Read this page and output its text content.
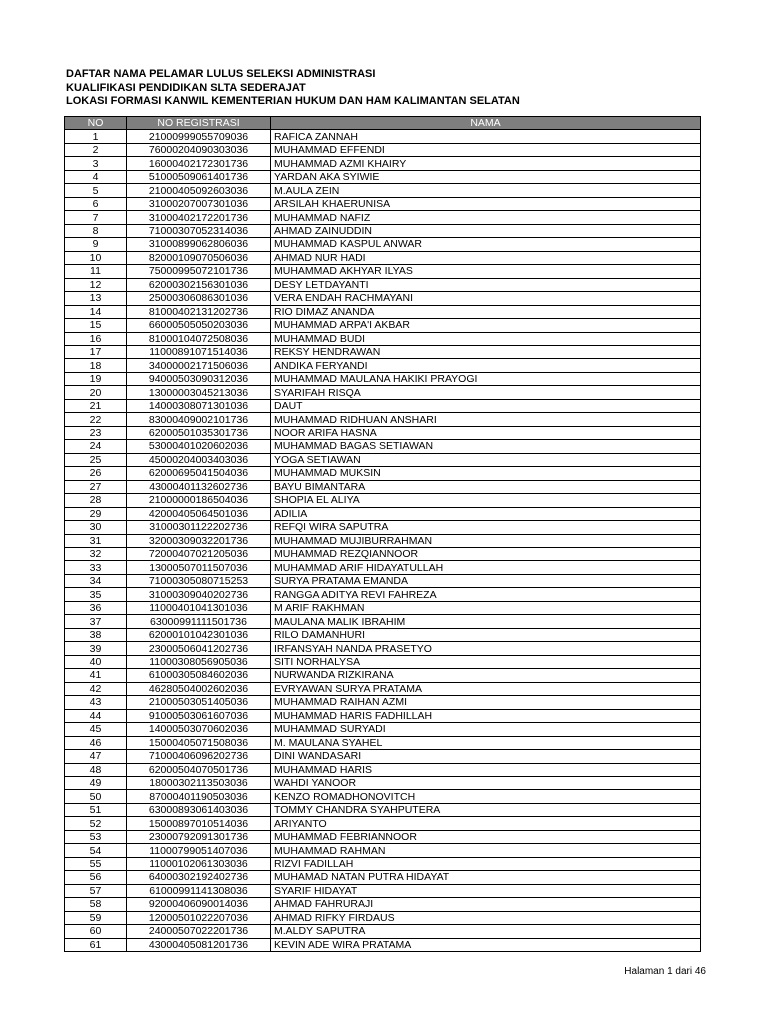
DAFTAR NAMA PELAMAR LULUS SELEKSI ADMINISTRASI
KUALIFIKASI PENDIDIKAN SLTA SEDERAJAT
LOKASI FORMASI KANWIL KEMENTERIAN HUKUM DAN HAM KALIMANTAN SELATAN
NO	NO REGISTRASI	NAMA
1	21000999055709036	RAFICA ZANNAH
2	76000204090303036	MUHAMMAD EFFENDI
3	16000402172301736	MUHAMMAD AZMI KHAIRY
4	51000509061401736	YARDAN AKA SYIWIE
5	21000405092603036	M.AULA ZEIN
6	31000207007301036	ARSILAH KHAERUNISA
7	31000402172201736	MUHAMMAD NAFIZ
8	71000307052314036	AHMAD ZAINUDDIN
9	31000899062806036	MUHAMMAD KASPUL ANWAR
10	82000109070506036	AHMAD NUR HADI
11	75000995072101736	MUHAMMAD AKHYAR ILYAS
12	62000302156301036	DESY LETDAYANTI
13	25000306086301036	VERA ENDAH RACHMAYANI
14	81000402131202736	RIO DIMAZ ANANDA
15	66000505050203036	MUHAMMAD ARPA'I AKBAR
16	81000104072508036	MUHAMMAD BUDI
17	11000891071514036	REKSY HENDRAWAN
18	34000002171506036	ANDIKA FERYANDI
19	94000503090312036	MUHAMMAD MAULANA HAKIKI PRAYOGI
20	13000003045213036	SYARIFAH RISQA
21	14000308071301036	DAUT
22	83000409002101736	MUHAMMAD RIDHUAN ANSHARI
23	62000501035301736	NOOR ARIFA HASNA
24	53000401020602036	MUHAMMAD BAGAS SETIAWAN
25	45000204003403036	YOGA SETIAWAN
26	62000695041504036	MUHAMMAD MUKSIN
27	43000401132602736	BAYU BIMANTARA
28	21000000186504036	SHOPIA EL ALIYA
29	42000405064501036	ADILIA
30	31000301122202736	REFQI WIRA SAPUTRA
31	32000309032201736	MUHAMMAD MUJIBURRAHMAN
32	72000407021205036	MUHAMMAD REZQIANNOOR
33	13000507011507036	MUHAMMAD ARIF HIDAYATULLAH
34	71000305080715253	SURYA PRATAMA EMANDA
35	31000309040202736	RANGGA ADITYA REVI FAHREZA
36	11000401041301036	M ARIF RAKHMAN
37	63000991111501736	MAULANA MALIK IBRAHIM
38	62000101042301036	RILO DAMANHURI
39	23000506041202736	IRFANSYAH NANDA PRASETYO
40	11000308056905036	SITI NORHALYSA
41	61000305084602036	NURWANDA RIZKIRANA
42	46280504002602036	EVRYAWAN SURYA PRATAMA
43	21000503051405036	MUHAMMAD RAIHAN AZMI
44	91000503061607036	MUHAMMAD HARIS FADHILLAH
45	14000503070602036	MUHAMMAD SURYADI
46	15000405071508036	M. MAULANA SYAHEL
47	71000406096202736	DINI WANDASARI
48	62000504070501736	MUHAMMAD HARIS
49	18000302113503036	WAHDI YANOOR
50	87000401190503036	KENZO ROMADHONOVITCH
51	63000893061403036	TOMMY CHANDRA SYAHPUTERA
52	15000897010514036	ARIYANTO
53	23000792091301736	MUHAMMAD FEBRIANNOOR
54	11000799051407036	MUHAMMAD RAHMAN
55	11000102061303036	RIZVI FADILLAH
56	64000302192402736	MUHAMAD NATAN PUTRA HIDAYAT
57	61000991141308036	SYARIF HIDAYAT
58	92000406090014036	AHMAD FAHRURAJI
59	12000501022207036	AHMAD RIFKY FIRDAUS
60	24000507022201736	M.ALDY SAPUTRA
61	43000405081201736	KEVIN ADE WIRA PRATAMA
Halaman 1 dari 46
